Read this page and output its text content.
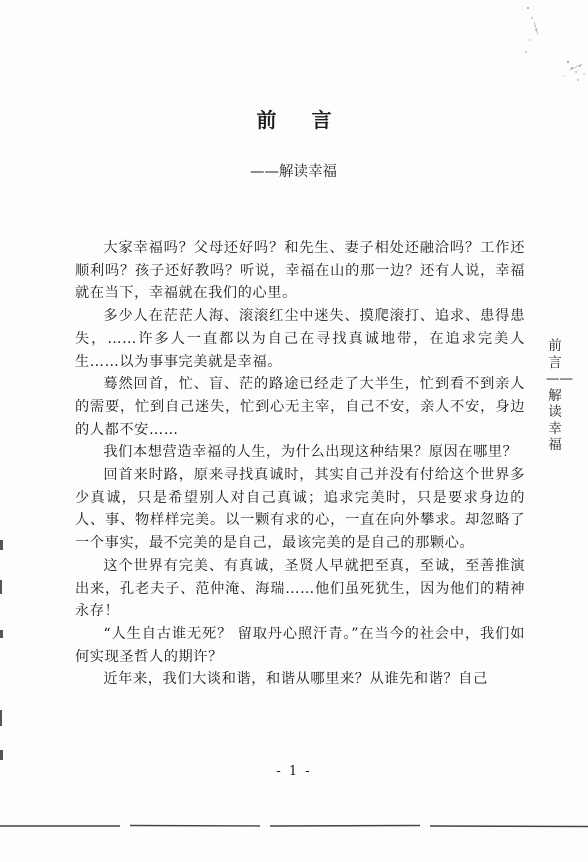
前 言
——解读幸福

大家幸福吗？父母还好吗？和先生、妻子相处还融洽吗？工作还顺利吗？孩子还好教吗？听说，幸福在山的那一边？还有人说，幸福就在当下，幸福就在我们的心里。

多少人在茫茫人海、滚滚红尘中迷失、摸爬滚打、追求、患得患失，……许多人一直都以为自己在寻找真诚地带，在追求完美人生……以为事事完美就是幸福。

蓦然回首，忙、盲、茫的路途已经走了大半生，忙到看不到亲人的需要，忙到自己迷失，忙到心无主宰，自己不安，亲人不安，身边的人都不安……

我们本想营造幸福的人生，为什么出现这种结果？原因在哪里？

回首来时路，原来寻找真诚时，其实自己并没有付给这个世界多少真诚，只是希望别人对自己真诚；追求完美时，只是要求身边的人、事、物样样完美。以一颗有求的心，一直在向外攀求。却忽略了一个事实，最不完美的是自己，最该完美的是自己的那颗心。

这个世界有完美、有真诚，圣贤人早就把至真，至诚，至善推演出来，孔老夫子、范仲淹、海瑞……他们虽死犹生，因为他们的精神永存！

“人生自古谁无死？ 留取丹心照汗青。”在当今的社会中，我们如何实现圣哲人的期许？

近年来，我们大谈和谐，和谐从哪里来？从谁先和谐？自己

前言——解读幸福
- 1 -
